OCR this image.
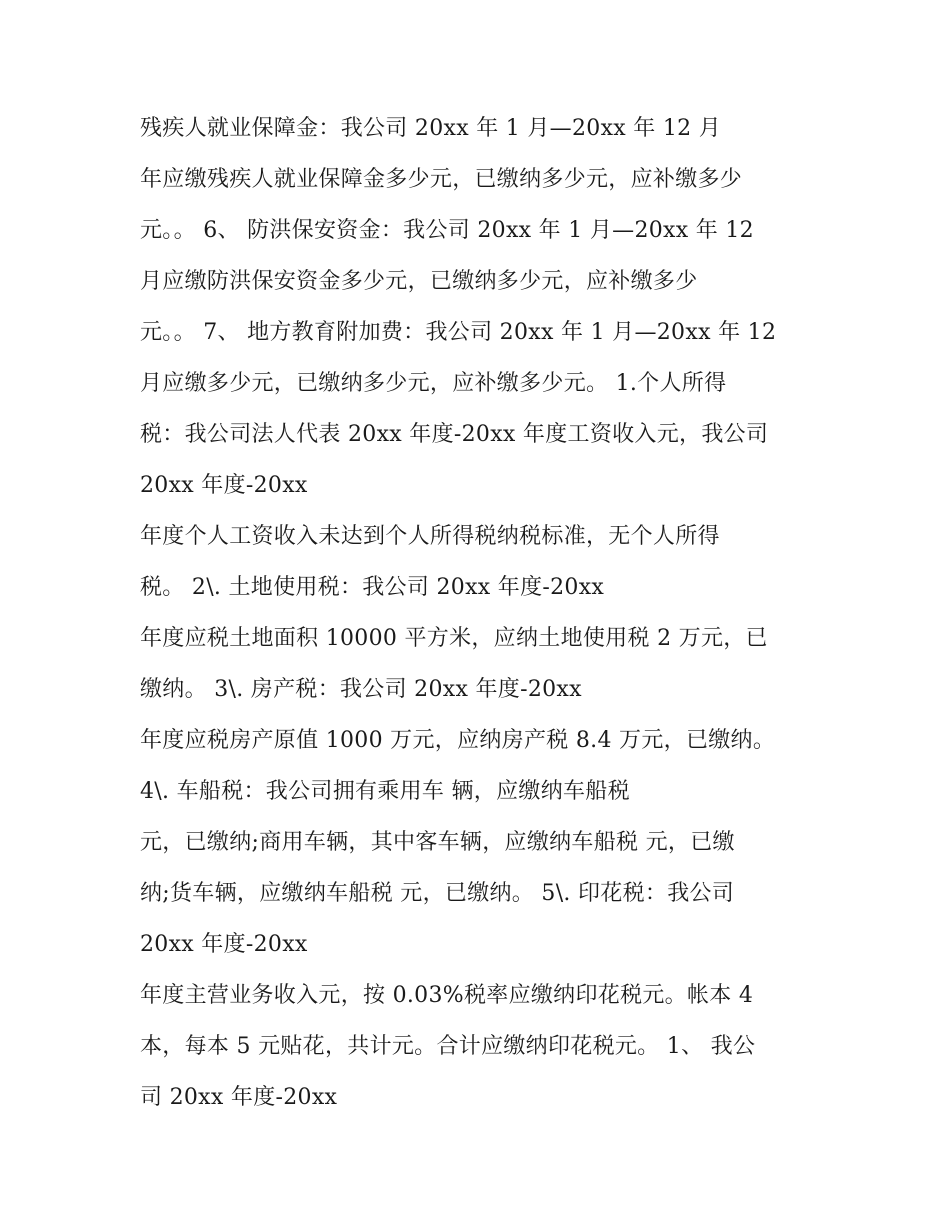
残疾人就业保障金：我公司 20xx 年 1 月—20xx 年 12 月
年应缴残疾人就业保障金多少元，已缴纳多少元，应补缴多少
元。。 6、 防洪保安资金：我公司 20xx 年 1 月—20xx 年 12
月应缴防洪保安资金多少元，已缴纳多少元，应补缴多少
元。。 7、 地方教育附加费：我公司 20xx 年 1 月—20xx 年 12
月应缴多少元，已缴纳多少元，应补缴多少元。 1.个人所得
税：我公司法人代表 20xx 年度-20xx 年度工资收入元，我公司
20xx 年度-20xx
年度个人工资收入未达到个人所得税纳税标准，无个人所得
税。 2\. 土地使用税：我公司 20xx 年度-20xx
年度应税土地面积 10000 平方米，应纳土地使用税 2 万元，已
缴纳。 3\. 房产税：我公司 20xx 年度-20xx
年度应税房产原值 1000 万元，应纳房产税 8.4 万元，已缴纳。
4\. 车船税：我公司拥有乘用车 辆，应缴纳车船税
元，已缴纳;商用车辆，其中客车辆，应缴纳车船税 元，已缴
纳;货车辆，应缴纳车船税 元，已缴纳。 5\. 印花税：我公司
20xx 年度-20xx
年度主营业务收入元，按 0.03%税率应缴纳印花税元。帐本 4
本，每本 5 元贴花，共计元。合计应缴纳印花税元。 1、 我公
司 20xx 年度-20xx
